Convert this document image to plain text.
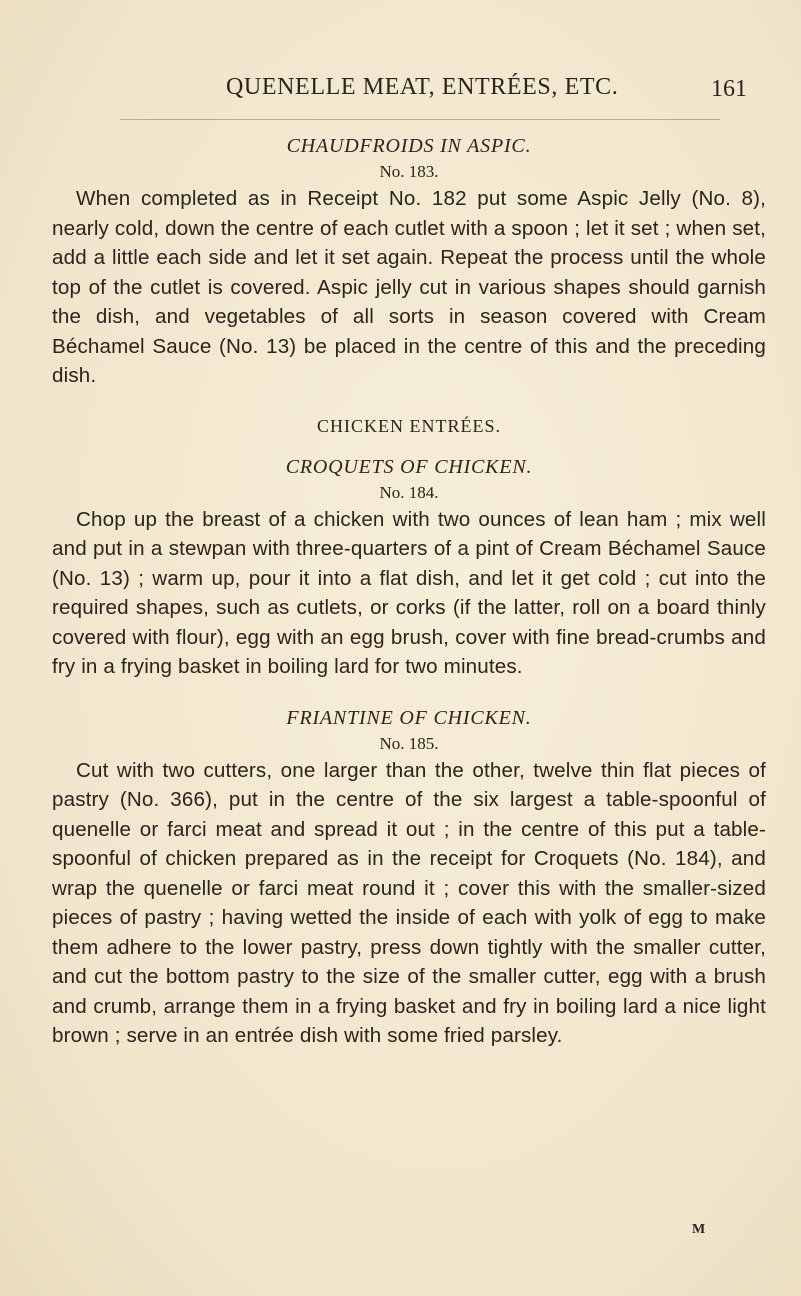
QUENELLE MEAT, ENTRÉES, ETC.	161

CHAUDFROIDS IN ASPIC.

No. 183.

When completed as in Receipt No. 182 put some Aspic Jelly (No. 8), nearly cold, down the centre of each cutlet with a spoon ; let it set ; when set, add a little each side and let it set again. Repeat the process until the whole top of the cutlet is covered. Aspic jelly cut in various shapes should garnish the dish, and vegetables of all sorts in season covered with Cream Béchamel Sauce (No. 13) be placed in the centre of this and the preceding dish.

CHICKEN ENTRÉES.

CROQUETS OF CHICKEN.

No. 184.

Chop up the breast of a chicken with two ounces of lean ham ; mix well and put in a stewpan with three-quarters of a pint of Cream Béchamel Sauce (No. 13) ; warm up, pour it into a flat dish, and let it get cold ; cut into the required shapes, such as cutlets, or corks (if the latter, roll on a board thinly covered with flour), egg with an egg brush, cover with fine bread-crumbs and fry in a frying basket in boiling lard for two minutes.

FRIANTINE OF CHICKEN.

No. 185.

Cut with two cutters, one larger than the other, twelve thin flat pieces of pastry (No. 366), put in the centre of the six largest a table-spoonful of quenelle or farci meat and spread it out ; in the centre of this put a table-spoonful of chicken prepared as in the receipt for Croquets (No. 184), and wrap the quenelle or farci meat round it ; cover this with the smaller-sized pieces of pastry ; having wetted the inside of each with yolk of egg to make them adhere to the lower pastry, press down tightly with the smaller cutter, and cut the bottom pastry to the size of the smaller cutter, egg with a brush and crumb, arrange them in a frying basket and fry in boiling lard a nice light brown ; serve in an entrée dish with some fried parsley.

M
